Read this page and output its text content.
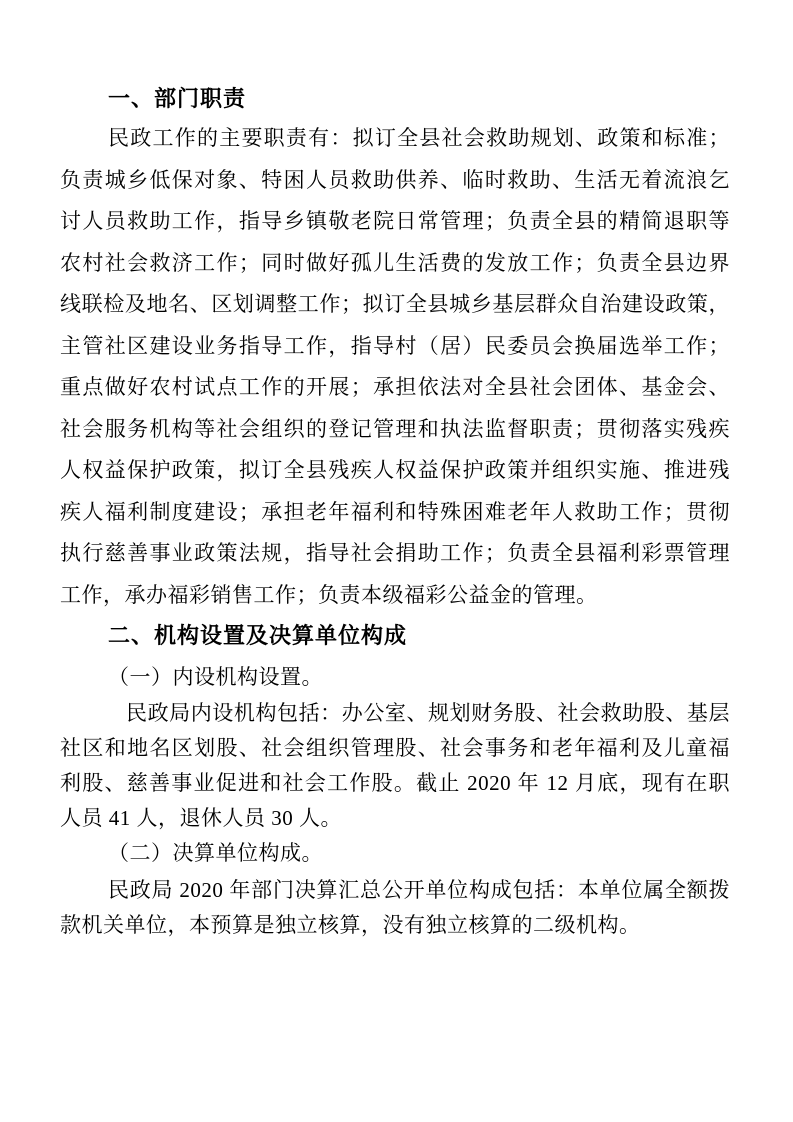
一、部门职责
民政工作的主要职责有：拟订全县社会救助规划、政策和标准；
负责城乡低保对象、特困人员救助供养、临时救助、生活无着流浪乞
讨人员救助工作，指导乡镇敬老院日常管理；负责全县的精简退职等
农村社会救济工作；同时做好孤儿生活费的发放工作；负责全县边界
线联检及地名、区划调整工作；拟订全县城乡基层群众自治建设政策，
主管社区建设业务指导工作，指导村（居）民委员会换届选举工作；
重点做好农村试点工作的开展；承担依法对全县社会团体、基金会、
社会服务机构等社会组织的登记管理和执法监督职责；贯彻落实残疾
人权益保护政策，拟订全县残疾人权益保护政策并组织实施、推进残
疾人福利制度建设；承担老年福利和特殊困难老年人救助工作；贯彻
执行慈善事业政策法规，指导社会捐助工作；负责全县福利彩票管理
工作，承办福彩销售工作；负责本级福彩公益金的管理。
二、机构设置及决算单位构成
（一）内设机构设置。
民政局内设机构包括：办公室、规划财务股、社会救助股、基层
社区和地名区划股、社会组织管理股、社会事务和老年福利及儿童福
利股、慈善事业促进和社会工作股。截止 2020 年 12 月底，现有在职
人员 41 人，退休人员 30 人。
（二）决算单位构成。
民政局 2020 年部门决算汇总公开单位构成包括：本单位属全额拨
款机关单位，本预算是独立核算，没有独立核算的二级机构。
